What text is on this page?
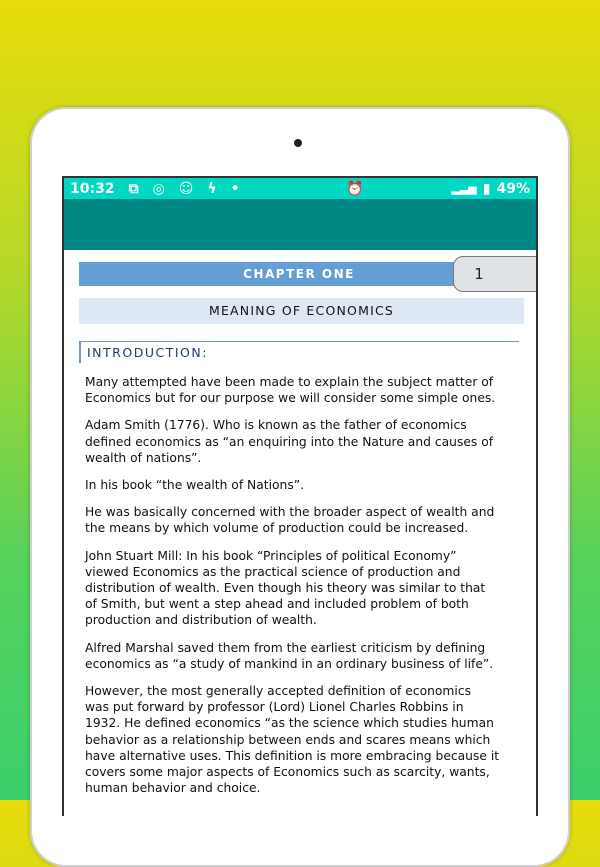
10:32 ⧉ ◎ ☺ ϟ •	⏰	▂▃▅ ▮ 49%
CHAPTER ONE	1
MEANING OF ECONOMICS
INTRODUCTION:
Many attempted have been made to explain the subject matter of
Economics but for our purpose we will consider some simple ones.
Adam Smith (1776). Who is known as the father of economics
defined economics as “an enquiring into the Nature and causes of
wealth of nations”.
In his book “the wealth of Nations”.
He was basically concerned with the broader aspect of wealth and
the means by which volume of production could be increased.
John Stuart Mill: In his book “Principles of political Economy”
viewed Economics as the practical science of production and
distribution of wealth. Even though his theory was similar to that
of Smith, but went a step ahead and included problem of both
production and distribution of wealth.
Alfred Marshal saved them from the earliest criticism by defining
economics as “a study of mankind in an ordinary business of life”.
However, the most generally accepted definition of economics
was put forward by professor (Lord) Lionel Charles Robbins in
1932. He defined economics “as the science which studies human
behavior as a relationship between ends and scares means which
have alternative uses. This definition is more embracing because it
covers some major aspects of Economics such as scarcity, wants,
human behavior and choice.
